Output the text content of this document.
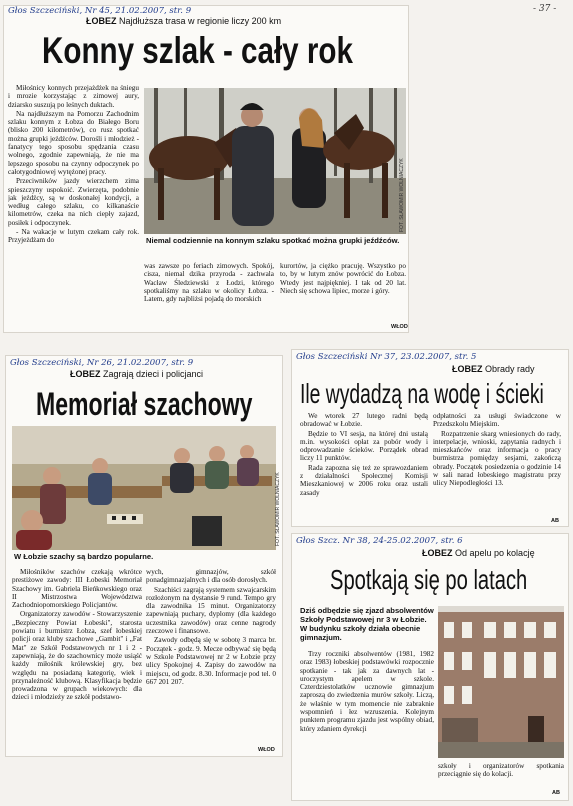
- 37 -
Głos Szczeciński, Nr 45, 21.02.2007, str. 9
ŁOBEZ Najdłuższa trasa w regionie liczy 200 km
Konny szlak - cały rok

Miłośnicy konnych przejażdżek na śniegu i mrozie korzystając z zimowej aury, dziarsko suszują po leśnych duktach.

Na najdłuższym na Pomorzu Zachodnim szlaku konnym z Łobza do Białego Boru (blisko 200 kilometrów), co rusz spotkać można grupki jeźdźców. Dorośli i młodzież - fanatycy tego sposobu spędzania czasu wolnego, zgodnie zapewniają, że nie ma lepszego sposobu na czynny odpoczynek po całotygodniowej wytężonej pracy.

Przeciwników jazdy wierzchem zima spieszczyny uspokoić. Zwierzęta, podobnie jak jeźdźcy, są w doskonałej kondycji, a według całego szlaku, co kilkanaście kilometrów, czeka na nich ciepły zajazd, posiłek i odpoczynek.

- Na wakacje w lutym czekam cały rok. Przyjeżdżam do

FOT. SŁAWOMIR WOLNIACZYK
Niemal codziennie na konnym szlaku spotkać można grupki jeźdźców.
was zawsze po feriach zimowych. Spokój, cisza, niemal dzika przyroda - zachwala Wacław Śledziewski z Łodzi, którego spotkaliśmy na szlaku w okolicy Łobza. - Latem, gdy najbliżsi pojadą do morskich
kurortów, ja ciężko pracuję. Wszystko po to, by w lutym znów powrócić do Łobza. Wtedy jest najpiękniej. I tak od 20 lat. Niech się schowa lipiec, morze i góry.
WŁOD
Głos Szczeciński, Nr 26, 21.02.2007, str. 9
ŁOBEZ Zagrają dzieci i policjanci
Memoriał szachowy
FOT. SŁAWOMIR WOLNIACZYK
W Łobzie szachy są bardzo popularne.

Miłośników szachów czekają wkrótce prestiżowe zawody: III Łobeski Memoriał Szachowy im. Gabriela Bieńkowskiego oraz II Mistrzostwa Województwa Zachodniopomorskiego Policjantów.

Organizatorzy zawodów - Stowarzyszenie „Bezpieczny Powiat Łobeski", starosta powiatu i burmistrz Łobza, szef łobeskiej policji oraz kluby szachowe „Gambit" i „Fat Mat" ze Szkół Podstawowych nr 1 i 2 - zapewniają, że do szachownicy może usiąść każdy miłośnik królewskiej gry, bez względu na posiadaną kategorię, wiek i przynależność klubową. Klasyfikacja będzie prowadzona w grupach wiekowych: dla dzieci i młodzieży ze szkół podstawo-

wych, gimnazjów, szkół ponadgimnazjalnych i dla osób dorosłych.

Szachiści zagrają systemem szwajcarskim rozłożonym na dystansie 9 rund. Tempo gry dla zawodnika 15 minut. Organizatorzy zapewniają puchary, dyplomy (dla każdego uczestnika zawodów) oraz cenne nagrody rzeczowe i finansowe.

Zawody odbędą się w sobotę 3 marca br. Początek - godz. 9. Mecze odbywać się będą w Szkole Podstawowej nr 2 w Łobzie przy ulicy Spokojnej 4. Zapisy do zawodów na miejscu, od godz. 8.30. Informacje pod tel. 0 667 201 207.

WŁOD
Głos Szczeciński Nr 37, 23.02.2007, str. 5
ŁOBEZ Obrady rady
Ile wydadzą na wodę i ścieki

We wtorek 27 lutego radni będą obradować w Łobzie.

Będzie to VI sesja, na której dni ustalą m.in. wysokości opłat za pobór wody i odprowadzanie ścieków. Porządek obrad liczy 11 punktów.

Rada zapozna się też ze sprawozdaniem z działalności Społecznej Komisji Mieszkaniowej w 2006 roku oraz ustali zasady

odpłatności za usługi świadczone w Przedszkolu Miejskim.

Rozpatrzenie skarg wniesionych do rady, interpelacje, wnioski, zapytania radnych i mieszkańców oraz informacja o pracy burmistrza pomiędzy sesjami, zakończą obrady. Początek posiedzenia o godzinie 14 w sali narad łobeskiego magistratu przy ulicy Niepodległości 13.

AB
Głos Szcz. Nr 38, 24-25.02.2007, str. 6
ŁOBEZ Od apelu po kolację
Spotkają się po latach
Dziś odbędzie się zjazd absolwentów Szkoły Podstawowej nr 3 w Łobzie. W budynku szkoły działa obecnie gimnazjum.

Trzy roczniki absolwentów (1981, 1982 oraz 1983) łobeskiej podstawówki rozpocznie spotkanie - tak jak za dawnych lat - uroczystym apelem w szkole. Czterdziestolatków ucznowie gimnazjum zaproszą do zwiedzenia murów szkoły. Liczą, że właśnie w tym momencie nie zabraknie wspomnień i łez wzruszenia. Kolejnym punktem programu zjazdu jest wspólny obiad, który zdaniem dyrekcji

szkoły i organizatorów spotkania przeciągnie się do kolacji.
AB
